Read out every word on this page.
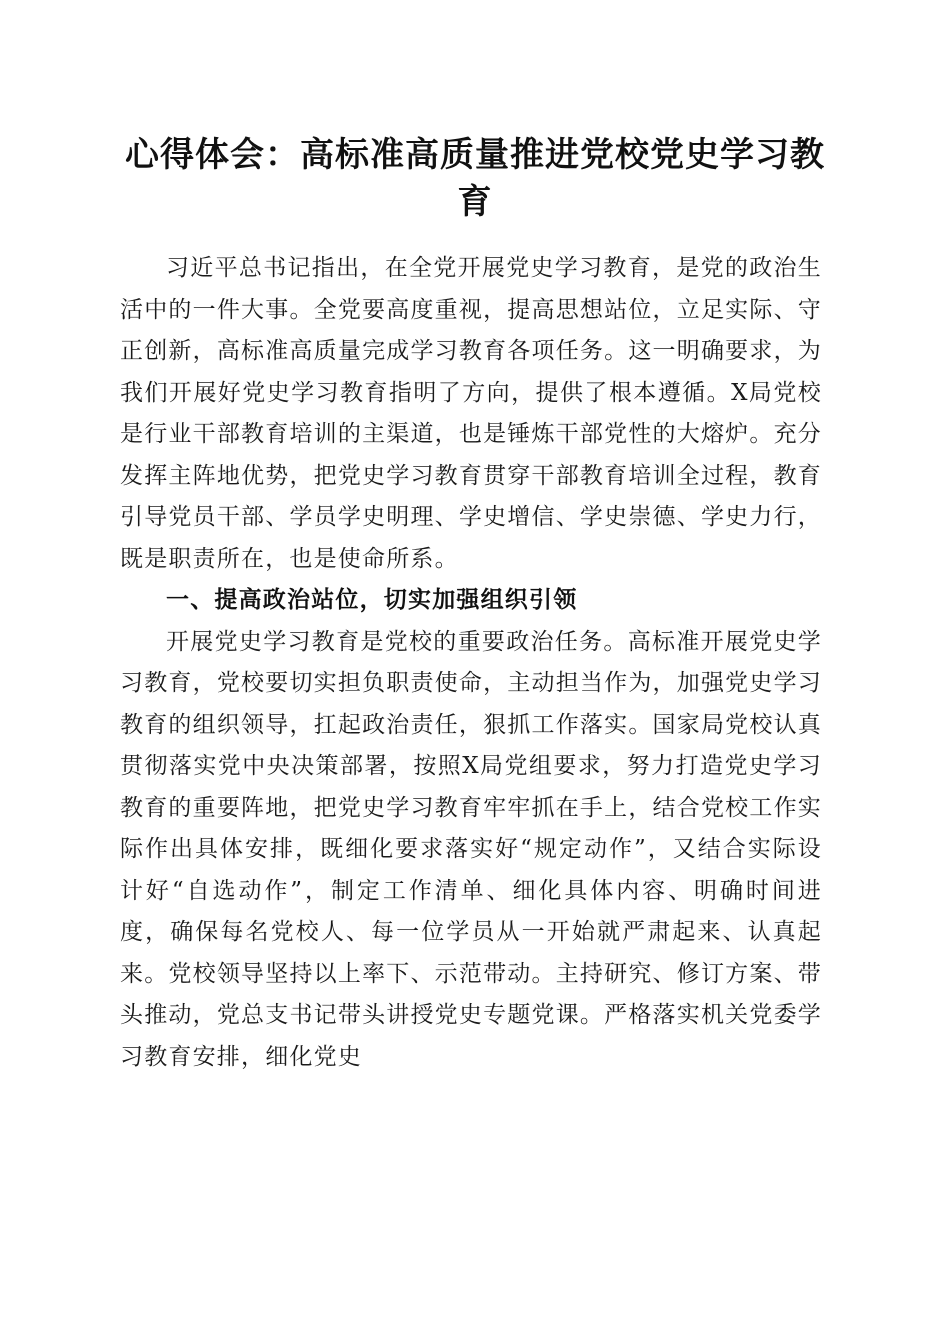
心得体会：高标准高质量推进党校党史学习教育

习近平总书记指出，在全党开展党史学习教育，是党的政治生活中的一件大事。全党要高度重视，提高思想站位，立足实际、守正创新，高标准高质量完成学习教育各项任务。这一明确要求，为我们开展好党史学习教育指明了方向，提供了根本遵循。X局党校是行业干部教育培训的主渠道，也是锤炼干部党性的大熔炉。充分发挥主阵地优势，把党史学习教育贯穿干部教育培训全过程，教育引导党员干部、学员学史明理、学史增信、学史崇德、学史力行，既是职责所在，也是使命所系。

一、提高政治站位，切实加强组织引领

开展党史学习教育是党校的重要政治任务。高标准开展党史学习教育，党校要切实担负职责使命，主动担当作为，加强党史学习教育的组织领导，扛起政治责任，狠抓工作落实。国家局党校认真贯彻落实党中央决策部署，按照X局党组要求，努力打造党史学习教育的重要阵地，把党史学习教育牢牢抓在手上，结合党校工作实际作出具体安排，既细化要求落实好“规定动作”，又结合实际设计好“自选动作”，制定工作清单、细化具体内容、明确时间进度，确保每名党校人、每一位学员从一开始就严肃起来、认真起来。党校领导坚持以上率下、示范带动。主持研究、修订方案、带头推动，党总支书记带头讲授党史专题党课。严格落实机关党委学习教育安排，细化党史
